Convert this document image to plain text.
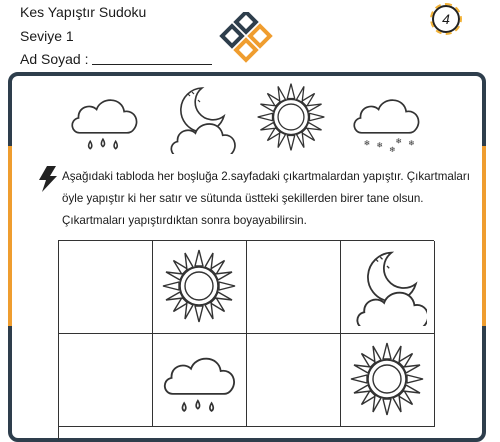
Kes Yapıştır Sudoku
Seviye 1
Ad Soyad :
4
❄ ❄ ❄ ❄
❄
Aşağıdaki tabloda her boşluğa 2.sayfadaki çıkartmalardan yapıştır. Çıkartmaları öyle yapıştır ki her satır ve sütunda üstteki şekillerden birer tane olsun. Çıkartmaları yapıştırdıktan sonra boyayabilirsin.
